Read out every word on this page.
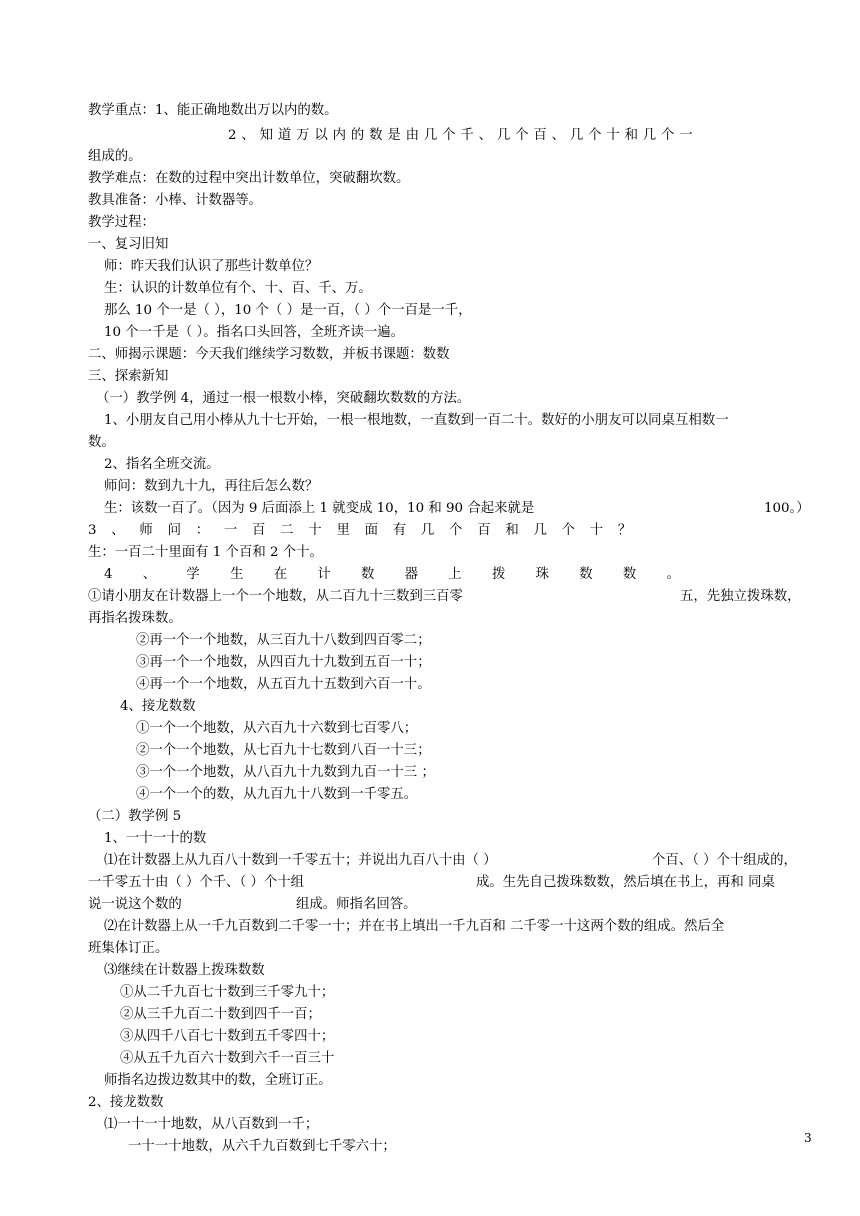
教学重点：1、能正确地数出万以内的数。
2 、 知 道 万 以 内 的 数 是 由 几 个 千 、 几 个 百 、 几 个 十 和 几 个 一
组成的。
教学难点：在数的过程中突出计数单位，突破翻坎数。
教具准备：小棒、计数器等。
教学过程：
一、复习旧知
师：昨天我们认识了那些计数单位？
生：认识的计数单位有个、十、百、千、万。
那么 10 个一是（ ），10 个（ ）是一百，（ ）个一百是一千，
10 个一千是（ ）。指名口头回答，全班齐读一遍。
二、师揭示课题：今天我们继续学习数数，并板书课题：数数
三、探索新知
（一）教学例 4，通过一根一根数小棒，突破翻坎数数的方法。
1、小朋友自己用小棒从九十七开始，一根一根地数，一直数到一百二十。数好的小朋友可以同桌互相数一
数。
2、指名全班交流。
师问：数到九十九，再往后怎么数？
生：该数一百了。（因为 9 后面添上 1 就变成 10，10 和 90 合起来就是	100。）
3 、 师 问 ： 一 百 二 十 里 面 有 几 个 百 和 几 个 十 ？
生：一百二十里面有 1 个百和 2 个十。
4 、 学 生 在 计 数 器 上 拨 珠 数 数 。
①请小朋友在计数器上一个一个地数，从二百九十三数到三百零	五，先独立拨珠数，
再指名拨珠数。
②再一个一个地数，从三百九十八数到四百零二；
③再一个一个地数，从四百九十九数到五百一十；
④再一个一个地数，从五百九十五数到六百一十。
4、接龙数数
①一个一个地数，从六百九十六数到七百零八；
②一个一个地数，从七百九十七数到八百一十三；
③一个一个地数，从八百九十九数到九百一十三 ；
④一个一个的数，从九百九十八数到一千零五。
（二）教学例 5
1、一十一十的数
⑴在计数器上从九百八十数到一千零五十；并说出九百八十由（ ）	个百、（ ）个十组成的，
一千零五十由（ ）个千、（ ）个十组	成。生先自己拨珠数数，然后填在书上，再和 同桌
说一说这个数的	组成。师指名回答。
⑵在计数器上从一千九百数到二千零一十；并在书上填出一千九百和 二千零一十这两个数的组成。然后全
班集体订正。
⑶继续在计数器上拨珠数数
①从二千九百七十数到三千零九十；
②从三千九百二十数到四千一百；
③从四千八百七十数到五千零四十；
④从五千九百六十数到六千一百三十
师指名边拨边数其中的数，全班订正。
2、接龙数数
⑴一十一十地数，从八百数到一千；
一十一十地数，从六千九百数到七千零六十；
3
